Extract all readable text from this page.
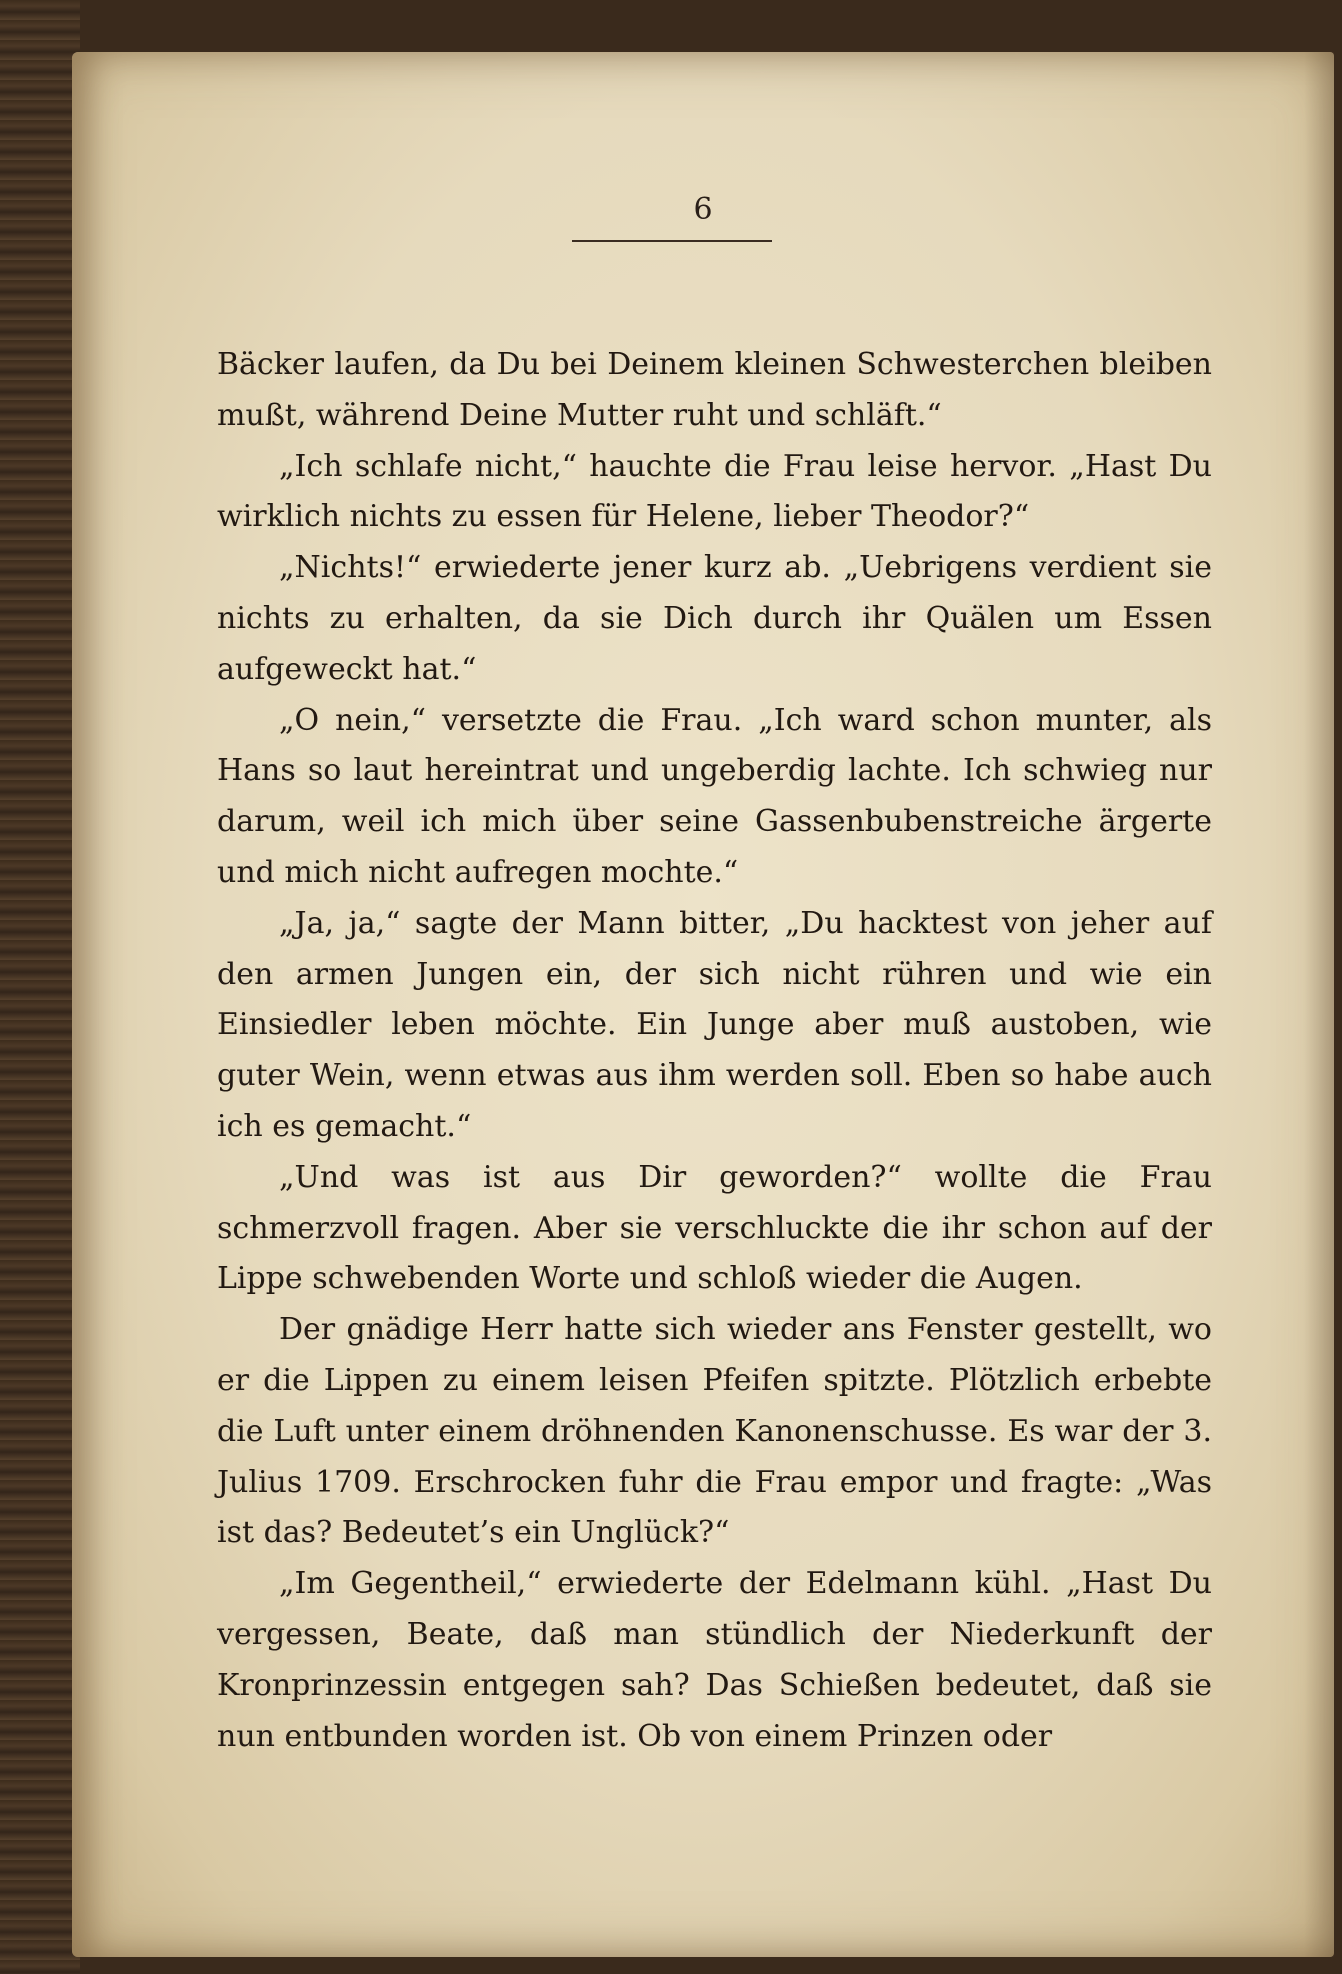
6

Bäcker laufen, da Du bei Deinem kleinen Schwesterchen bleiben mußt, während Deine Mutter ruht und schläft.“

„Ich schlafe nicht,“ hauchte die Frau leise hervor. „Hast Du wirklich nichts zu essen für Helene, lieber Theodor?“

„Nichts!“ erwiederte jener kurz ab. „Uebrigens verdient sie nichts zu erhalten, da sie Dich durch ihr Quälen um Essen aufgeweckt hat.“

„O nein,“ versetzte die Frau. „Ich ward schon munter, als Hans so laut hereintrat und ungeberdig lachte. Ich schwieg nur darum, weil ich mich über seine Gassenbubenstreiche ärgerte und mich nicht aufregen mochte.“

„Ja, ja,“ sagte der Mann bitter, „Du hacktest von jeher auf den armen Jungen ein, der sich nicht rühren und wie ein Einsiedler leben möchte. Ein Junge aber muß austoben, wie guter Wein, wenn etwas aus ihm werden soll. Eben so habe auch ich es gemacht.“

„Und was ist aus Dir geworden?“ wollte die Frau schmerzvoll fragen. Aber sie verschluckte die ihr schon auf der Lippe schwebenden Worte und schloß wieder die Augen.

Der gnädige Herr hatte sich wieder ans Fenster gestellt, wo er die Lippen zu einem leisen Pfeifen spitzte. Plötzlich erbebte die Luft unter einem dröhnenden Kanonenschusse. Es war der 3. Julius 1709. Erschrocken fuhr die Frau empor und fragte: „Was ist das? Bedeutet’s ein Unglück?“

„Im Gegentheil,“ erwiederte der Edelmann kühl. „Hast Du vergessen, Beate, daß man stündlich der Niederkunft der Kronprinzessin entgegen sah? Das Schießen bedeutet, daß sie nun entbunden worden ist. Ob von einem Prinzen oder
